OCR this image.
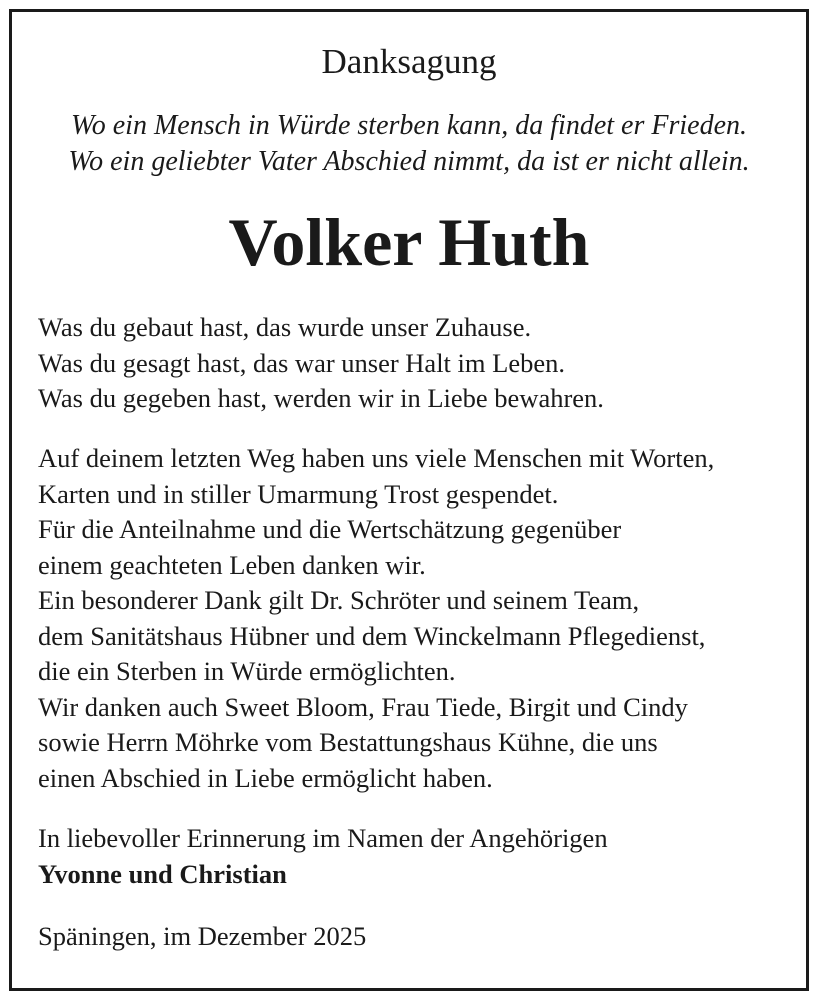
Danksagung
Wo ein Mensch in Würde sterben kann, da findet er Frieden.
Wo ein geliebter Vater Abschied nimmt, da ist er nicht allein.
Volker Huth
Was du gebaut hast, das wurde unser Zuhause.
Was du gesagt hast, das war unser Halt im Leben.
Was du gegeben hast, werden wir in Liebe bewahren.
Auf deinem letzten Weg haben uns viele Menschen mit Worten,
Karten und in stiller Umarmung Trost gespendet.
Für die Anteilnahme und die Wertschätzung gegenüber
einem geachteten Leben danken wir.
Ein besonderer Dank gilt Dr. Schröter und seinem Team,
dem Sanitätshaus Hübner und dem Winckelmann Pflegedienst,
die ein Sterben in Würde ermöglichten.
Wir danken auch Sweet Bloom, Frau Tiede, Birgit und Cindy
sowie Herrn Möhrke vom Bestattungshaus Kühne, die uns
einen Abschied in Liebe ermöglicht haben.
In liebevoller Erinnerung im Namen der Angehörigen
Yvonne und Christian
Späningen, im Dezember 2025
